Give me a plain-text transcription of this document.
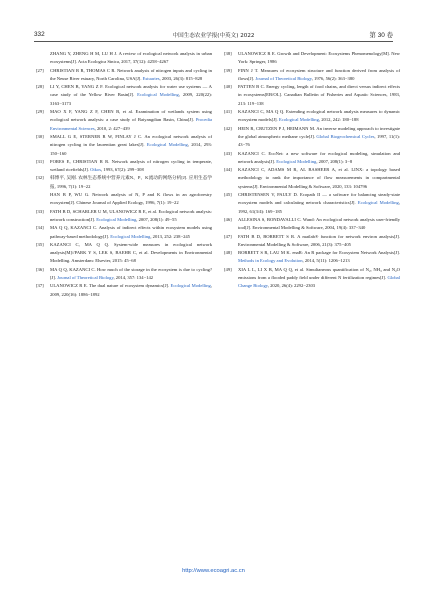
332	中国生态农业学报(中英文) 2022	第 30 卷
ZHANG Y, ZHENG H M, LU H J. A review of ecological network analysis in urban ecosystems[J]. Acta Ecologica Sinica, 2017, 37(12): 4258−4267
[27]	CHRISTIAN R R, THOMAS C R. Network analysis of nitrogen inputs and cycling in the Neuse River estuary, North Carolina, USA[J]. Estuaries, 2003, 26(3): 815−828
[28]	LI Y, CHEN B, YANG Z F. Ecological network analysis for water use systems — A case study of the Yellow River Basin[J]. Ecological Modelling, 2009, 220(22): 3163−3173
[29]	MAO X F, YANG Z F, CHEN B, et al. Examination of wetlands system using ecological network analysis: a case study of Baiyangdian Basin, China[J]. Procedia Environmental Sciences, 2010, 2: 427−439
[30]	SMALL G E, STERNER R W, FINLAY J C. An ecological network analysis of nitrogen cycling in the laurentian great lakes[J]. Ecological Modelling, 2014, 293: 150−160
[31]	FORES E, CHRISTIAN R R. Network analysis of nitrogen cycling in temperate, wetland ricefields[J]. Oikos, 1993, 67(2): 299−308
[32]	韩博平, 吴刚. 农林生态系统中营养元素N、P、K流动的网络分析[J]. 应用生态学报, 1996, 7(1): 19−22
HAN B P, WU G. Network analysis of N, P and K flows in an agroforestry ecosystem[J]. Chinese Journal of Applied Ecology, 1996, 7(1): 19−22
[33]	FATH B D, SCHARLER U M, ULANOWICZ R E, et al. Ecological network analysis: network construction[J]. Ecological Modelling, 2007, 208(1): 49−55
[34]	MA Q Q, KAZANCI C. Analysis of indirect effects within ecosystem models using pathway-based methodology[J]. Ecological Modelling, 2013, 252: 238−245
[35]	KAZANCI C, MA Q Q. System-wide measures in ecological network analysis[M]//PARK Y S, LEK S, BAEHR C, et al. Developments in Environmental Modelling. Amsterdam: Elsevier, 2015: 45−68
[36]	MA Q Q, KAZANCI C. How much of the storage in the ecosystem is due to cycling?[J]. Journal of Theoretical Biology, 2014, 357: 134−142
[37]	ULANOWICZ R E. The dual nature of ecosystem dynamics[J]. Ecological Modelling, 2009, 220(16): 1886−1892
[38]	ULANOWICZ R E. Growth and Development: Ecosystems Phenomenology[M]. New York: Springer, 1986
[39]	FINN J T. Measures of ecosystem structure and function derived from analysis of flows[J]. Journal of Theoretical Biology, 1976, 56(2): 363−380
[40]	PATTEN B C. Energy cycling, length of food chains, and direct versus indirect effects in ecosystems[EB/OL]. Canadian Bulletin of Fisheries and Aquatic Sciences, 1983, 213: 119−138
[41]	KAZANCI C, MA Q Q. Extending ecological network analysis measures to dynamic ecosystem models[J]. Ecological Modelling, 2012, 242: 180−188
[42]	HEIN R, CRUTZEN P J, HEIMANN M. An inverse modeling approach to investigate the global atmospheric methane cycle[J]. Global Biogeochemical Cycles, 1997, 11(1): 43−76
[43]	KAZANCI C. EcoNet: a new software for ecological modeling, simulation and network analysis[J]. Ecological Modelling, 2007, 208(1): 3−8
[44]	KAZANCI C, ADAMS M R, AL BASHEER A, et al. LINX: a topology based methodology to rank the importance of flow measurements in compartmental systems[J]. Environmental Modelling & Software, 2020, 133: 104796
[45]	CHRISTENSEN V, PAULY D. Ecopath II — a software for balancing steady-state ecosystem models and calculating network characteristics[J]. Ecological Modelling, 1992, 61(3/4): 169−185
[46]	ALLESINA S, BONDAVALLI C. Wand: An ecological network analysis user-friendly tool[J]. Environmental Modelling & Software, 2004, 19(4): 337−340
[47]	FATH B D, BORRETT S R. A matlab® function for network environ analysis[J]. Environmental Modelling & Software, 2006, 21(3): 375−405
[48]	BORRETT S R, LAU M K. enaR: An R package for Ecosystem Network Analysis[J]. Methods in Ecology and Evolution, 2014, 5(11): 1206−1213
[49]	XIA L L, LI X B, MA Q Q, et al. Simultaneous quantification of N₂, NH₃ and N₂O emissions from a flooded paddy field under different N fertilization regimes[J]. Global Change Biology, 2020, 26(4): 2292−2303
http://www.ecoagri.ac.cn
